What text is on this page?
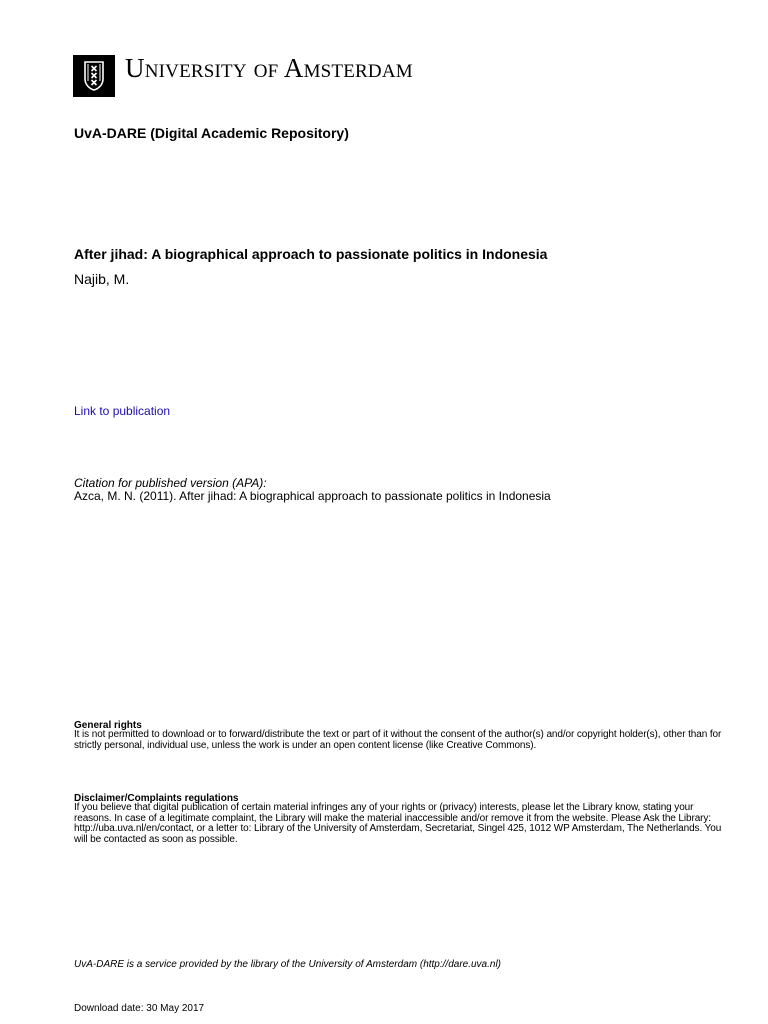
University of Amsterdam
UvA-DARE (Digital Academic Repository)
After jihad: A biographical approach to passionate politics in Indonesia
Najib, M.
Link to publication
Citation for published version (APA):
Azca, M. N. (2011). After jihad: A biographical approach to passionate politics in Indonesia
General rights
It is not permitted to download or to forward/distribute the text or part of it without the consent of the author(s) and/or copyright holder(s), other than for strictly personal, individual use, unless the work is under an open content license (like Creative Commons).
Disclaimer/Complaints regulations
If you believe that digital publication of certain material infringes any of your rights or (privacy) interests, please let the Library know, stating your reasons. In case of a legitimate complaint, the Library will make the material inaccessible and/or remove it from the website. Please Ask the Library: http://uba.uva.nl/en/contact, or a letter to: Library of the University of Amsterdam, Secretariat, Singel 425, 1012 WP Amsterdam, The Netherlands. You will be contacted as soon as possible.
UvA-DARE is a service provided by the library of the University of Amsterdam (http://dare.uva.nl)
Download date: 30 May 2017
